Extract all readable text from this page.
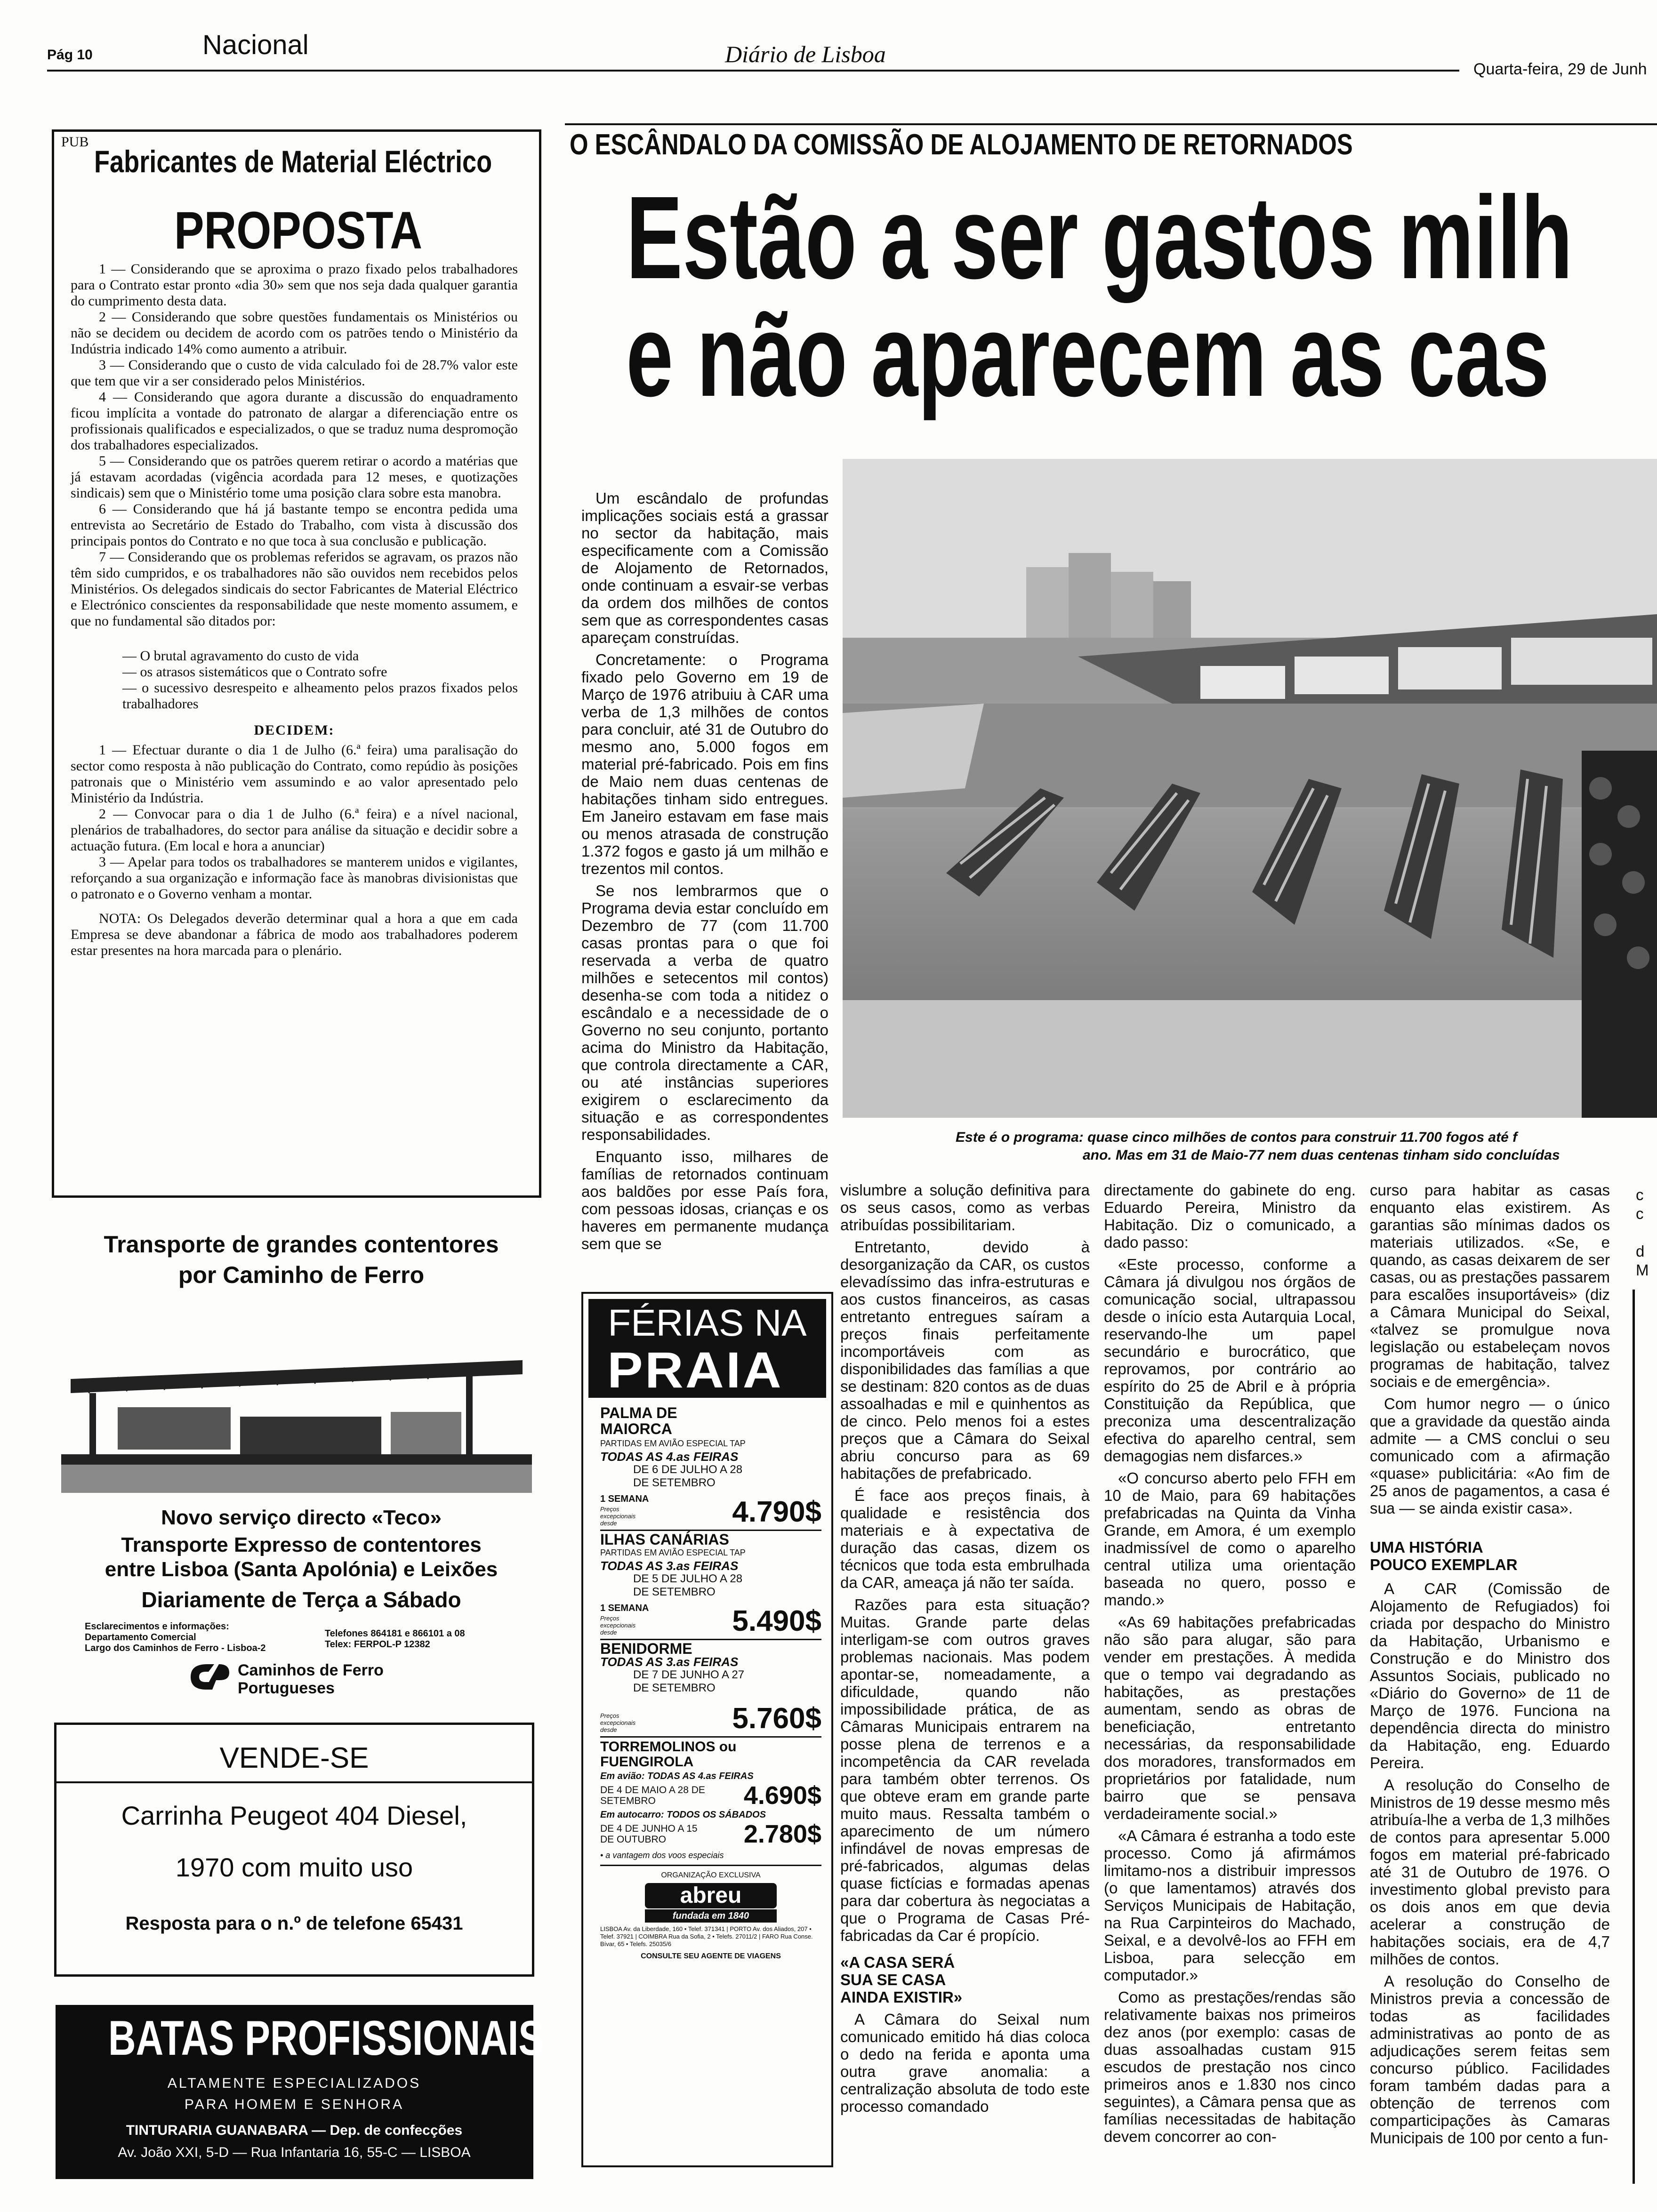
Pág 10	Nacional	Diário de Lisboa
Quarta-feira, 29 de Junh
PUB
Fabricantes de Material Eléctrico
PROPOSTA

1 — Considerando que se aproxima o prazo fixado pelos trabalhadores para o Contrato estar pronto «dia 30» sem que nos seja dada qualquer garantia do cumprimento desta data.

2 — Considerando que sobre questões fundamentais os Ministérios ou não se decidem ou decidem de acordo com os patrões tendo o Ministério da Indústria indicado 14% como aumento a atribuir.

3 — Considerando que o custo de vida calculado foi de 28.7% valor este que tem que vir a ser considerado pelos Ministérios.

4 — Considerando que agora durante a discussão do enquadramento ficou implícita a vontade do patronato de alargar a diferenciação entre os profissionais qualificados e especializados, o que se traduz numa despromoção dos trabalhadores especializados.

5 — Considerando que os patrões querem retirar o acordo a matérias que já estavam acordadas (vigência acordada para 12 meses, e quotizações sindicais) sem que o Ministério tome uma posição clara sobre esta manobra.

6 — Considerando que há já bastante tempo se encontra pedida uma entrevista ao Secretário de Estado do Trabalho, com vista à discussão dos principais pontos do Contrato e no que toca à sua conclusão e publicação.

7 — Considerando que os problemas referidos se agravam, os prazos não têm sido cumpridos, e os trabalhadores não são ouvidos nem recebidos pelos Ministérios. Os delegados sindicais do sector Fabricantes de Material Eléctrico e Electrónico conscientes da responsabilidade que neste momento assumem, e que no fundamental são ditados por:

— O brutal agravamento do custo de vida
— os atrasos sistemáticos que o Contrato sofre
— o sucessivo desrespeito e alheamento pelos prazos fixados pelos trabalhadores
DECIDEM:

1 — Efectuar durante o dia 1 de Julho (6.ª feira) uma paralisação do sector como resposta à não publicação do Contrato, como repúdio às posições patronais que o Ministério vem assumindo e ao valor apresentado pelo Ministério da Indústria.

2 — Convocar para o dia 1 de Julho (6.ª feira) e a nível nacional, plenários de trabalhadores, do sector para análise da situação e decidir sobre a actuação futura. (Em local e hora a anunciar)

3 — Apelar para todos os trabalhadores se manterem unidos e vigilantes, reforçando a sua organização e informação face às manobras divisionistas que o patronato e o Governo venham a montar.

NOTA: Os Delegados deverão determinar qual a hora a que em cada Empresa se deve abandonar a fábrica de modo aos trabalhadores poderem estar presentes na hora marcada para o plenário.

Transporte de grandes contentores
por Caminho de Ferro
Novo serviço directo «Teco»
Transporte Expresso de contentores
entre Lisboa (Santa Apolónia) e Leixões
Diariamente de Terça a Sábado
Esclarecimentos e informações:
Departamento Comercial
Largo dos Caminhos de Ferro - Lisboa-2
Telefones 864181 e 866101 a 08
Telex: FERPOL-P 12382
Caminhos de Ferro
Portugueses
VENDE-SE
Carrinha Peugeot 404 Diesel,
1970 com muito uso
Resposta para o n.º de telefone 65431
BATAS PROFISSIONAIS
ALTAMENTE ESPECIALIZADOS
PARA HOMEM E SENHORA
TINTURARIA GUANABARA — Dep. de confecções
Av. João XXI, 5-D — Rua Infantaria 16, 55-C — LISBOA
O ESCÂNDALO DA COMISSÃO DE ALOJAMENTO DE RETORNADOS
Estão a ser gastos milh
e não aparecem as cas
Este é o programa: quase cinco milhões de contos para construir 11.700 fogos até f
ano. Mas em 31 de Maio-77 nem duas centenas tinham sido concluídas

Um escândalo de profundas implicações sociais está a grassar no sector da habitação, mais especificamente com a Comissão de Alojamento de Retornados, onde continuam a esvair-se verbas da ordem dos milhões de contos sem que as correspondentes casas apareçam construídas.

Concretamente: o Programa fixado pelo Governo em 19 de Março de 1976 atribuiu à CAR uma verba de 1,3 milhões de contos para concluir, até 31 de Outubro do mesmo ano, 5.000 fogos em material pré-fabricado. Pois em fins de Maio nem duas centenas de habitações tinham sido entregues. Em Janeiro estavam em fase mais ou menos atrasada de construção 1.372 fogos e gasto já um milhão e trezentos mil contos.

Se nos lembrarmos que o Programa devia estar concluído em Dezembro de 77 (com 11.700 casas prontas para o que foi reservada a verba de quatro milhões e setecentos mil contos) desenha-se com toda a nitidez o escândalo e a necessidade de o Governo no seu conjunto, portanto acima do Ministro da Habitação, que controla directamente a CAR, ou até instâncias superiores exigirem o esclarecimento da situação e as correspondentes responsabilidades.

Enquanto isso, milhares de famílias de retornados continuam aos baldões por esse País fora, com pessoas idosas, crianças e os haveres em permanente mudança sem que se

vislumbre a solução definitiva para os seus casos, como as verbas atribuídas possibilitariam.

Entretanto, devido à desorganização da CAR, os custos elevadíssimo das infra-estruturas e aos custos financeiros, as casas entretanto entregues saíram a preços finais perfeitamente incomportáveis com as disponibilidades das famílias a que se destinam: 820 contos as de duas assoalhadas e mil e quinhentos as de cinco. Pelo menos foi a estes preços que a Câmara do Seixal abriu concurso para as 69 habitações de prefabricado.

É face aos preços finais, à qualidade e resistência dos materiais e à expectativa de duração das casas, dizem os técnicos que toda esta embrulhada da CAR, ameaça já não ter saída.

Razões para esta situação? Muitas. Grande parte delas interligam-se com outros graves problemas nacionais. Mas podem apontar-se, nomeadamente, a dificuldade, quando não impossibilidade prática, de as Câmaras Municipais entrarem na posse plena de terrenos e a incompetência da CAR revelada para também obter terrenos. Os que obteve eram em grande parte muito maus. Ressalta também o aparecimento de um número infindável de novas empresas de pré-fabricados, algumas delas quase fictícias e formadas apenas para dar cobertura às negociatas a que o Programa de Casas Pré-fabricadas da Car é propício.

«A CASA SERÁ SUA SE CASA AINDA EXISTIR»

A Câmara do Seixal num comunicado emitido há dias coloca o dedo na ferida e aponta uma outra grave anomalia: a centralização absoluta de todo este processo comandado

directamente do gabinete do eng. Eduardo Pereira, Ministro da Habitação. Diz o comunicado, a dado passo:

«Este processo, conforme a Câmara já divulgou nos órgãos de comunicação social, ultrapassou desde o início esta Autarquia Local, reservando-lhe um papel secundário e burocrático, que reprovamos, por contrário ao espírito do 25 de Abril e à própria Constituição da República, que preconiza uma descentralização efectiva do aparelho central, sem demagogias nem disfarces.»

«O concurso aberto pelo FFH em 10 de Maio, para 69 habitações prefabricadas na Quinta da Vinha Grande, em Amora, é um exemplo inadmissível de como o aparelho central utiliza uma orientação baseada no quero, posso e mando.»

«As 69 habitações prefabricadas não são para alugar, são para vender em prestações. À medida que o tempo vai degradando as habitações, as prestações aumentam, sendo as obras de beneficiação, entretanto necessárias, da responsabilidade dos moradores, transformados em proprietários por fatalidade, num bairro que se pensava verdadeiramente social.»

«A Câmara é estranha a todo este processo. Como já afirmámos limitamo-nos a distribuir impressos (o que lamentamos) através dos Serviços Municipais de Habitação, na Rua Carpinteiros do Machado, Seixal, e a devolvê-los ao FFH em Lisboa, para selecção em computador.»

Como as prestações/rendas são relativamente baixas nos primeiros dez anos (por exemplo: casas de duas assoalhadas custam 915 escudos de prestação nos cinco primeiros anos e 1.830 nos cinco seguintes), a Câmara pensa que as famílias necessitadas de habitação devem concorrer ao con-

curso para habitar as casas enquanto elas existirem. As garantias são mínimas dados os materiais utilizados. «Se, e quando, as casas deixarem de ser casas, ou as prestações passarem para escalões insuportáveis» (diz a Câmara Municipal do Seixal, «talvez se promulgue nova legislação ou estabeleçam novos programas de habitação, talvez sociais e de emergência».

Com humor negro — o único que a gravidade da questão ainda admite — a CMS conclui o seu comunicado com a afirmação «quase» publicitária: «Ao fim de 25 anos de pagamentos, a casa é sua — se ainda existir casa».

UMA HISTÓRIA
POUCO EXEMPLAR

A CAR (Comissão de Alojamento de Refugiados) foi criada por despacho do Ministro da Habitação, Urbanismo e Construção e do Ministro dos Assuntos Sociais, publicado no «Diário do Governo» de 11 de Março de 1976. Funciona na dependência directa do ministro da Habitação, eng. Eduardo Pereira.

A resolução do Conselho de Ministros de 19 desse mesmo mês atribuía-lhe a verba de 1,3 milhões de contos para apresentar 5.000 fogos em material pré-fabricado até 31 de Outubro de 1976. O investimento global previsto para os dois anos em que devia acelerar a construção de habitações sociais, era de 4,7 milhões de contos.

A resolução do Conselho de Ministros previa a concessão de todas as facilidades administrativas ao ponto de as adjudicações serem feitas sem concurso público. Facilidades foram também dadas para a obtenção de terrenos com comparticipações às Camaras Municipais de 100 por cento a fun-

c
c
d
M
FÉRIAS NA
PRAIA
PALMA DE MAIORCA
PARTIDAS EM AVIÃO ESPECIAL TAP
TODAS AS 4.as FEIRAS
DE 6 DE JULHO A 28 DE SETEMBRO
1 SEMANA
Preços excepcionais desde	4.790$
ILHAS CANÁRIAS
PARTIDAS EM AVIÃO ESPECIAL TAP
TODAS AS 3.as FEIRAS
DE 5 DE JULHO A 28 DE SETEMBRO
1 SEMANA
Preços excepcionais desde	5.490$
BENIDORME
TODAS AS 3.as FEIRAS
DE 7 DE JUNHO A 27 DE SETEMBRO
Preços excepcionais desde	5.760$
TORREMOLINOS ou FUENGIROLA
Em avião: TODAS AS 4.as FEIRAS
DE 4 DE MAIO A 28 DE SETEMBRO	4.690$
Em autocarro: TODOS OS SÁBADOS
DE 4 DE JUNHO A 15 DE OUTUBRO	2.780$
• a vantagem dos voos especiais
ORGANIZAÇÃO EXCLUSIVA
abreu
fundada em 1840
LISBOA Av. da Liberdade, 160 • Telef. 371341 | PORTO Av. dos Aliados, 207 • Telef. 37921 | COIMBRA Rua da Sofia, 2 • Telefs. 27011/2 | FARO Rua Conse. Bívar, 65 • Telefs. 25035/6
CONSULTE SEU AGENTE DE VIAGENS
